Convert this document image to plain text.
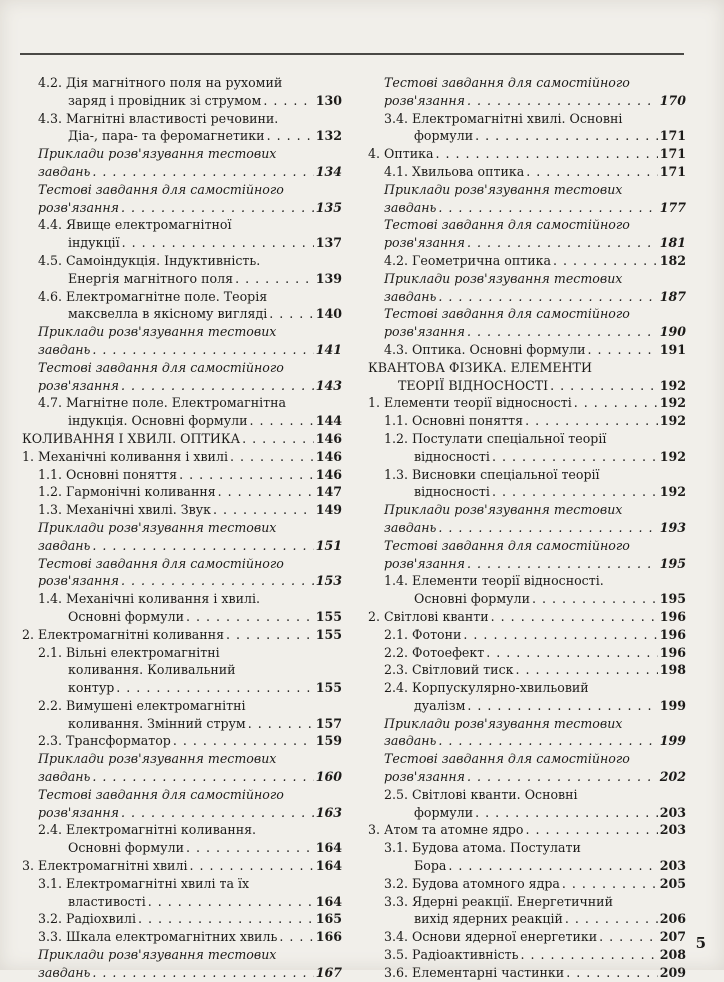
4.2. Дія магнітного поля на рухомий
заряд і провідник зі струмом . . .	130
4.3. Магнітні властивості речовини.
Діа-, пара- та феромагнетики . . .	132
Приклади розв'язування тестових
завдань . . .	134
Тестові завдання для самостійного
розв'язання . . .	135
4.4. Явище електромагнітної
індукції . . .	137
4.5. Самоіндукція. Індуктивність.
Енергія магнітного поля . . .	139
4.6. Електромагнітне поле. Теорія
максвелла в якісному вигляді . . .	140
Приклади розв'язування тестових
завдань . . .	141
Тестові завдання для самостійного
розв'язання . . .	143
4.7. Магнітне поле. Електромагнітна
індукція. Основні формули . . .	144
КОЛИВАННЯ І ХВИЛІ. ОПТИКА . . .	146
1. Механічні коливання і хвилі . . .	146
1.1. Основні поняття . . .	146
1.2. Гармонічні коливання . . .	147
1.3. Механічні хвилі. Звук . . .	149
Приклади розв'язування тестових
завдань . . .	151
Тестові завдання для самостійного
розв'язання . . .	153
1.4. Механічні коливання і хвилі.
Основні формули . . .	155
2. Електромагнітні коливання . . .	155
2.1. Вільні електромагнітні
коливання. Коливальний
контур . . .	155
2.2. Вимушені електромагнітні
коливання. Змінний струм . . .	157
2.3. Трансформатор . . .	159
Приклади розв'язування тестових
завдань . . .	160
Тестові завдання для самостійного
розв'язання . . .	163
2.4. Електромагнітні коливання.
Основні формули . . .	164
3. Електромагнітні хвилі . . .	164
3.1. Електромагнітні хвилі та їх
властивості . . .	164
3.2. Радіохвилі . . .	165
3.3. Шкала електромагнітних хвиль . . .	166
Приклади розв'язування тестових
завдань . . .	167
Тестові завдання для самостійного
розв'язання . . .	170
3.4. Електромагнітні хвилі. Основні
формули . . .	171
4. Оптика . . .	171
4.1. Хвильова оптика . . .	171
Приклади розв'язування тестових
завдань . . .	177
Тестові завдання для самостійного
розв'язання . . .	181
4.2. Геометрична оптика . . .	182
Приклади розв'язування тестових
завдань . . .	187
Тестові завдання для самостійного
розв'язання . . .	190
4.3. Оптика. Основні формули . . .	191
КВАНТОВА ФІЗИКА. ЕЛЕМЕНТИ
ТЕОРІЇ ВІДНОСНОСТІ . . .	192
1. Елементи теорії відносності . . .	192
1.1. Основні поняття . . .	192
1.2. Постулати спеціальної теорії
відносності . . .	192
1.3. Висновки спеціальної теорії
відносності . . .	192
Приклади розв'язування тестових
завдань . . .	193
Тестові завдання для самостійного
розв'язання . . .	195
1.4. Елементи теорії відносності.
Основні формули . . .	195
2. Світлові кванти . . .	196
2.1. Фотони . . .	196
2.2. Фотоефект . . .	196
2.3. Світловий тиск . . .	198
2.4. Корпускулярно-хвильовий
дуалізм . . .	199
Приклади розв'язування тестових
завдань . . .	199
Тестові завдання для самостійного
розв'язання . . .	202
2.5. Світлові кванти. Основні
формули . . .	203
3. Атом та атомне ядро . . .	203
3.1. Будова атома. Постулати
Бора . . .	203
3.2. Будова атомного ядра . . .	205
3.3. Ядерні реакції. Енергетичний
вихід ядерних реакцій . . .	206
3.4. Основи ядерної енергетики . . .	207
3.5. Радіоактивність . . .	208
3.6. Елементарні частинки . . .	209
5
